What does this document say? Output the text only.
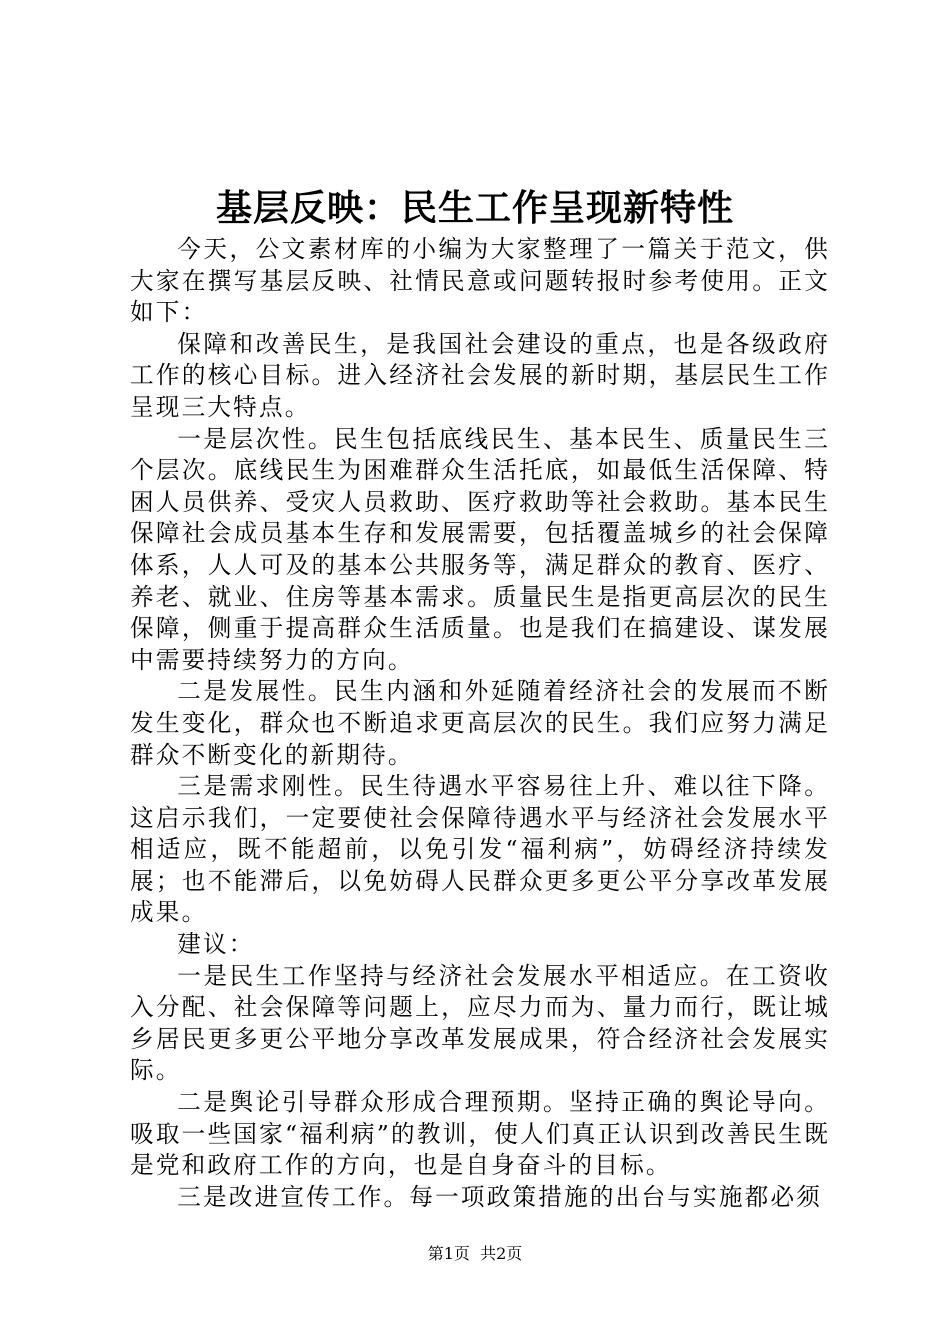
基层反映：民生工作呈现新特性

今天，公文素材库的小编为大家整理了一篇关于范文，供大家在撰写基层反映、社情民意或问题转报时参考使用。正文如下：

保障和改善民生，是我国社会建设的重点，也是各级政府工作的核心目标。进入经济社会发展的新时期，基层民生工作呈现三大特点。

一是层次性。民生包括底线民生、基本民生、质量民生三个层次。底线民生为困难群众生活托底，如最低生活保障、特困人员供养、受灾人员救助、医疗救助等社会救助。基本民生保障社会成员基本生存和发展需要，包括覆盖城乡的社会保障体系，人人可及的基本公共服务等，满足群众的教育、医疗、养老、就业、住房等基本需求。质量民生是指更高层次的民生保障，侧重于提高群众生活质量。也是我们在搞建设、谋发展中需要持续努力的方向。

二是发展性。民生内涵和外延随着经济社会的发展而不断发生变化，群众也不断追求更高层次的民生。我们应努力满足群众不断变化的新期待。

三是需求刚性。民生待遇水平容易往上升、难以往下降。这启示我们，一定要使社会保障待遇水平与经济社会发展水平相适应，既不能超前，以免引发“福利病”，妨碍经济持续发展；也不能滞后，以免妨碍人民群众更多更公平分享改革发展成果。

建议：

一是民生工作坚持与经济社会发展水平相适应。在工资收入分配、社会保障等问题上，应尽力而为、量力而行，既让城乡居民更多更公平地分享改革发展成果，符合经济社会发展实际。

二是舆论引导群众形成合理预期。坚持正确的舆论导向。吸取一些国家“福利病”的教训，使人们真正认识到改善民生既是党和政府工作的方向，也是自身奋斗的目标。

三是改进宣传工作。每一项政策措施的出台与实施都必须

第1页  共2页
